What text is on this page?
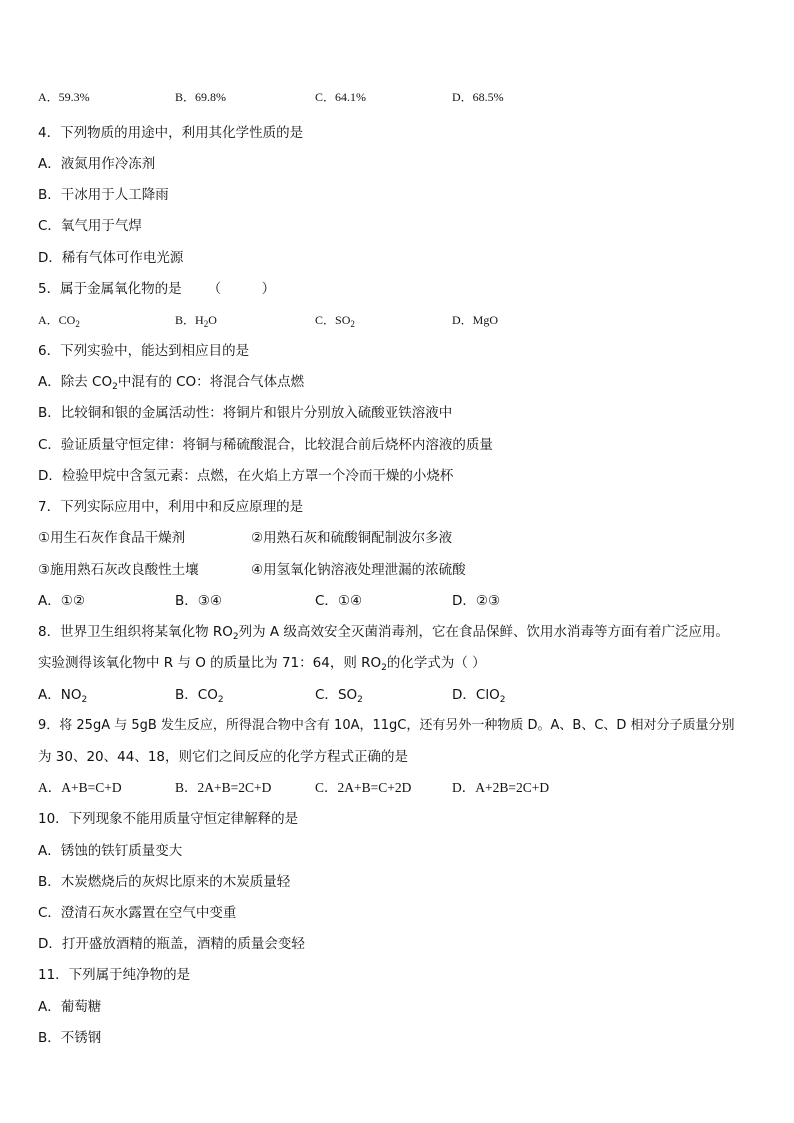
A．59.3%	B．69.8%	C．64.1%	D．68.5%
4．下列物质的用途中，利用其化学性质的是
A．液氮用作冷冻剂
B．干冰用于人工降雨
C．氧气用于气焊
D．稀有气体可作电光源
5．属于金属氧化物的是 （　　　）
A．$CO_2$	B．$H_2O$	C．$SO_2$	D．MgO
6．下列实验中，能达到相应目的是
A．除去 $CO_2$中混有的 CO：将混合气体点燃
B．比较铜和银的金属活动性：将铜片和银片分别放入硫酸亚铁溶液中
C．验证质量守恒定律：将铜与稀硫酸混合，比较混合前后烧杯内溶液的质量
D．检验甲烷中含氢元素：点燃，在火焰上方罩一个冷而干燥的小烧杯
7．下列实际应用中，利用中和反应原理的是
①用生石灰作食品干燥剂	②用熟石灰和硫酸铜配制波尔多液
③施用熟石灰改良酸性土壤	④用氢氧化钠溶液处理泄漏的浓硫酸
A．①②	B．③④	C．①④	D．②③
8．世界卫生组织将某氧化物 $RO_2$列为 A 级高效安全灭菌消毒剂，它在食品保鲜、饮用水消毒等方面有着广泛应用。
实验测得该氧化物中 R 与 O 的质量比为 71：64，则 $RO_2$的化学式为（ ）
A．$NO_2$	B．$CO_2$	C．$SO_2$	D．ClO$_2$
9．将 25gA 与 5gB 发生反应，所得混合物中含有 10A，11gC，还有另外一种物质 D。A、B、C、D 相对分子质量分别
为 30、20、44、18，则它们之间反应的化学方程式正确的是
A．A+B=C+D	B．2A+B=2C+D	C．2A+B=C+2D	D．A+2B=2C+D
10．下列现象不能用质量守恒定律解释的是
A．锈蚀的铁钉质量变大
B．木炭燃烧后的灰烬比原来的木炭质量轻
C．澄清石灰水露置在空气中变重
D．打开盛放酒精的瓶盖，酒精的质量会变轻
11．下列属于纯净物的是
A．葡萄糖
B．不锈钢
